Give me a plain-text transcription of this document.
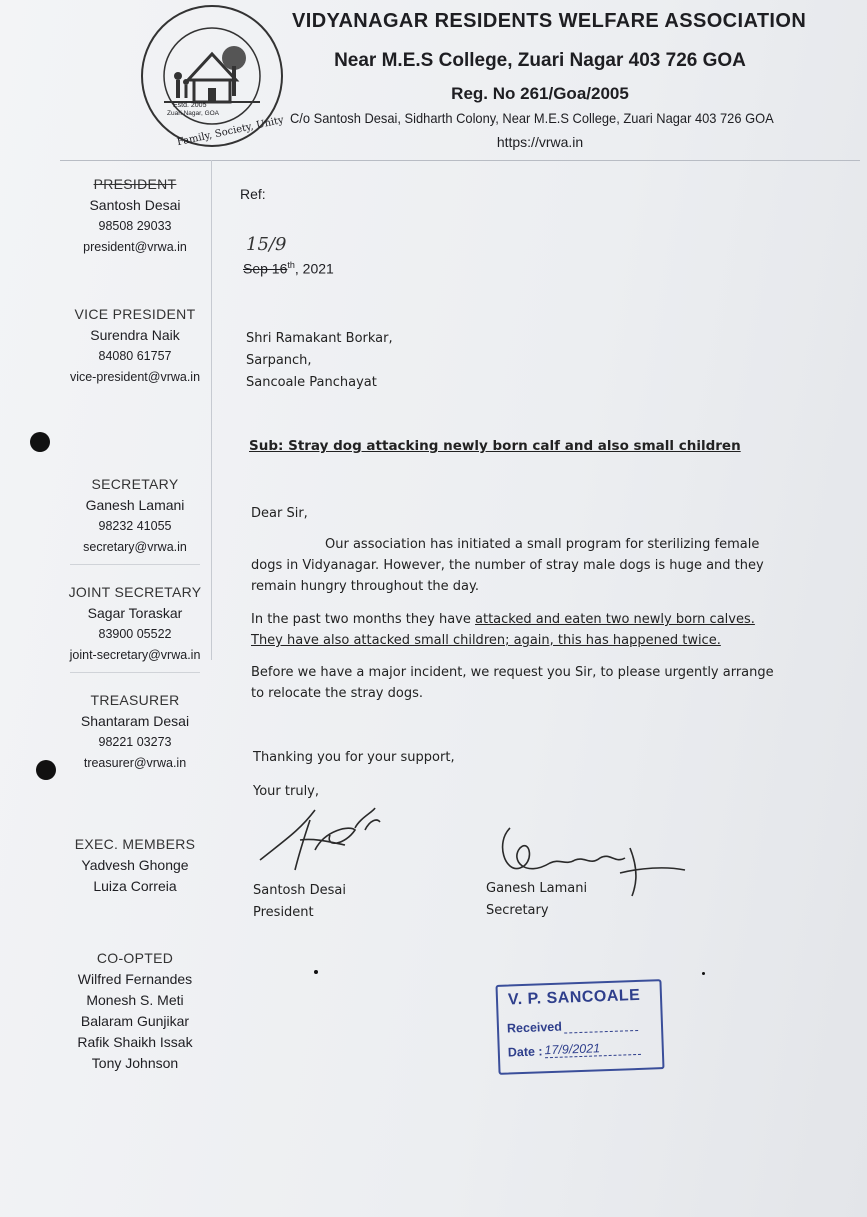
Estd. 2005
Zuari Nagar, GOA
Family, Society, Unity
VIDYANAGAR RESIDENTS WELFARE ASSOCIATION
Near M.E.S College, Zuari Nagar 403 726 GOA
Reg. No 261/Goa/2005
C/o Santosh Desai, Sidharth Colony, Near M.E.S College, Zuari Nagar 403 726 GOA
https://vrwa.in
PRESIDENT
Santosh Desai
98508 29033
president@vrwa.in
VICE PRESIDENT
Surendra Naik
84080 61757
vice-president@vrwa.in
SECRETARY
Ganesh Lamani
98232 41055
secretary@vrwa.in
JOINT SECRETARY
Sagar Toraskar
83900 05522
joint-secretary@vrwa.in
TREASURER
Shantaram Desai
98221 03273
treasurer@vrwa.in
EXEC. MEMBERS
Yadvesh Ghonge
Luiza Correia
CO-OPTED
Wilfred Fernandes
Monesh S. Meti
Balaram Gunjikar
Rafik Shaikh Issak
Tony Johnson
Ref:
15/9
Sep 16th, 2021
Shri Ramakant Borkar,
Sarpanch,
Sancoale Panchayat
Sub: Stray dog attacking newly born calf and also small children
Dear Sir,
Our association has initiated a small program for sterilizing female dogs in Vidyanagar. However, the number of stray male dogs is huge and they remain hungry throughout the day.
In the past two months they have attacked and eaten two newly born calves.
They have also attacked small children; again, this has happened twice.
Before we have a major incident, we request you Sir, to please urgently arrange to relocate the stray dogs.
Thanking you for your support,
Your truly,
Santosh Desai
President
Ganesh Lamani
Secretary
V. P. SANCOALE
Received
Date :17/9/2021
